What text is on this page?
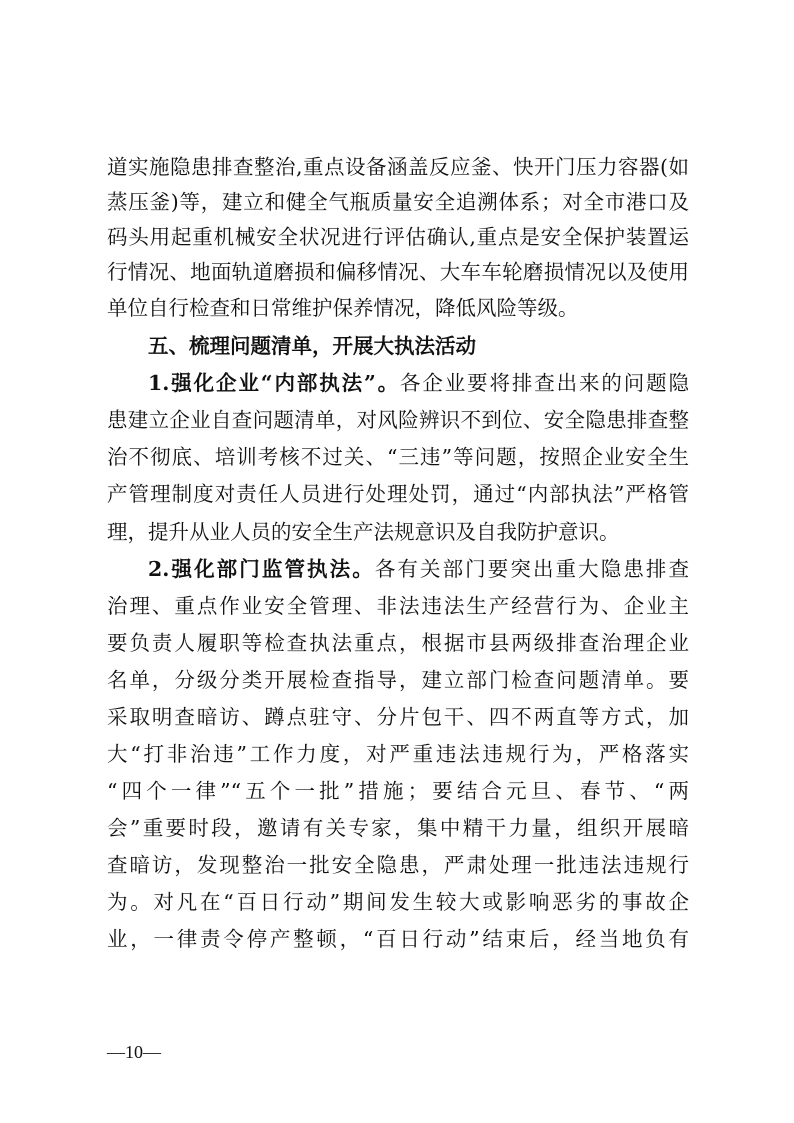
道实施隐患排查整治,重点设备涵盖反应釜、快开门压力容器(如
蒸压釜)等，建立和健全气瓶质量安全追溯体系；对全市港口及
码头用起重机械安全状况进行评估确认,重点是安全保护装置运
行情况、地面轨道磨损和偏移情况、大车车轮磨损情况以及使用
单位自行检查和日常维护保养情况，降低风险等级。
五、梳理问题清单，开展大执法活动
1.强化企业“内部执法”。各企业要将排查出来的问题隐
患建立企业自查问题清单，对风险辨识不到位、安全隐患排查整
治不彻底、培训考核不过关、“三违”等问题，按照企业安全生
产管理制度对责任人员进行处理处罚，通过“内部执法”严格管
理，提升从业人员的安全生产法规意识及自我防护意识。
2.强化部门监管执法。各有关部门要突出重大隐患排查
治理、重点作业安全管理、非法违法生产经营行为、企业主
要负责人履职等检查执法重点，根据市县两级排查治理企业
名单，分级分类开展检查指导，建立部门检查问题清单。要
采取明查暗访、蹲点驻守、分片包干、四不两直等方式，加
大“打非治违”工作力度，对严重违法违规行为，严格落实
“四个一律”“五个一批”措施；要结合元旦、春节、“两
会”重要时段，邀请有关专家，集中精干力量，组织开展暗
查暗访，发现整治一批安全隐患，严肃处理一批违法违规行
为。对凡在“百日行动”期间发生较大或影响恶劣的事故企
业，一律责令停产整顿，“百日行动”结束后，经当地负有
—10—
